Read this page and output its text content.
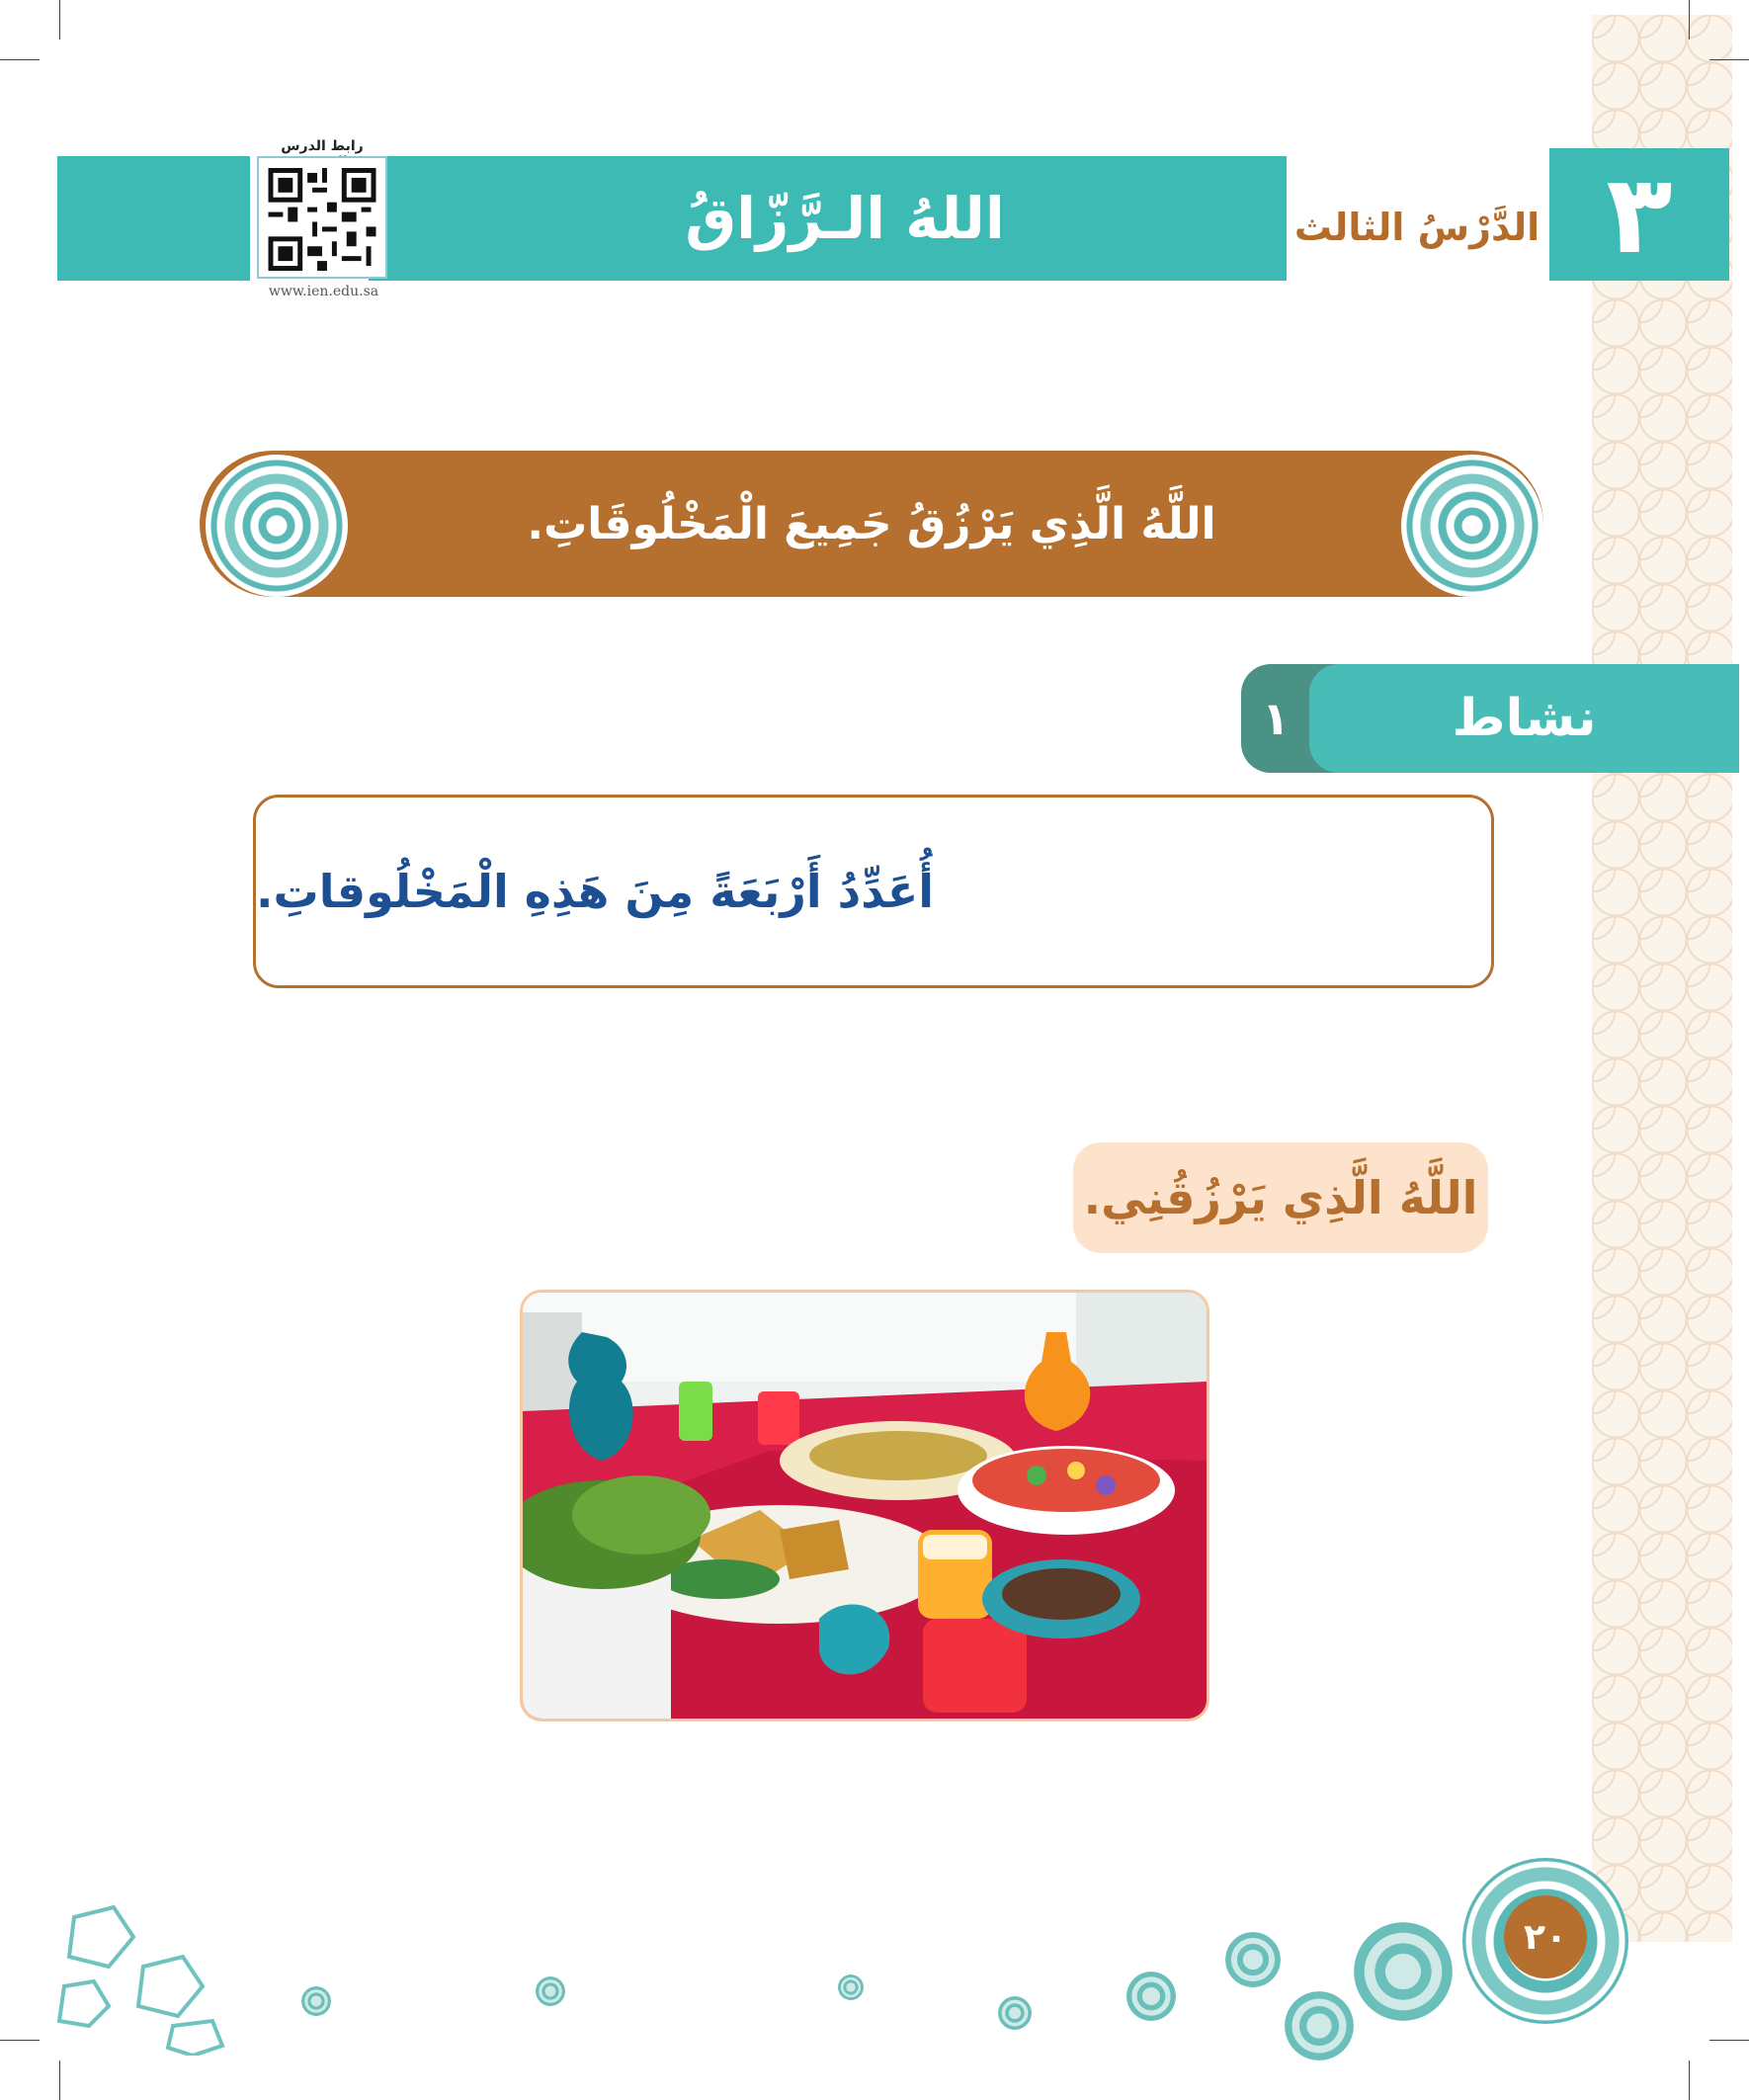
اللهُ الـرَّزّاقُ	الدَّرْسُ الثالث ٣
رابط الدرس
www.ien.edu.sa
اللَّهُ الَّذِي يَرْزُقُ جَمِيعَ الْمَخْلُوقَاتِ.
نشاط
١
أُعَدِّدُ أَرْبَعَةً مِنَ هَذِهِ الْمَخْلُوقاتِ.
اللَّهُ الَّذِي يَرْزُقُنِي.
٢٠
